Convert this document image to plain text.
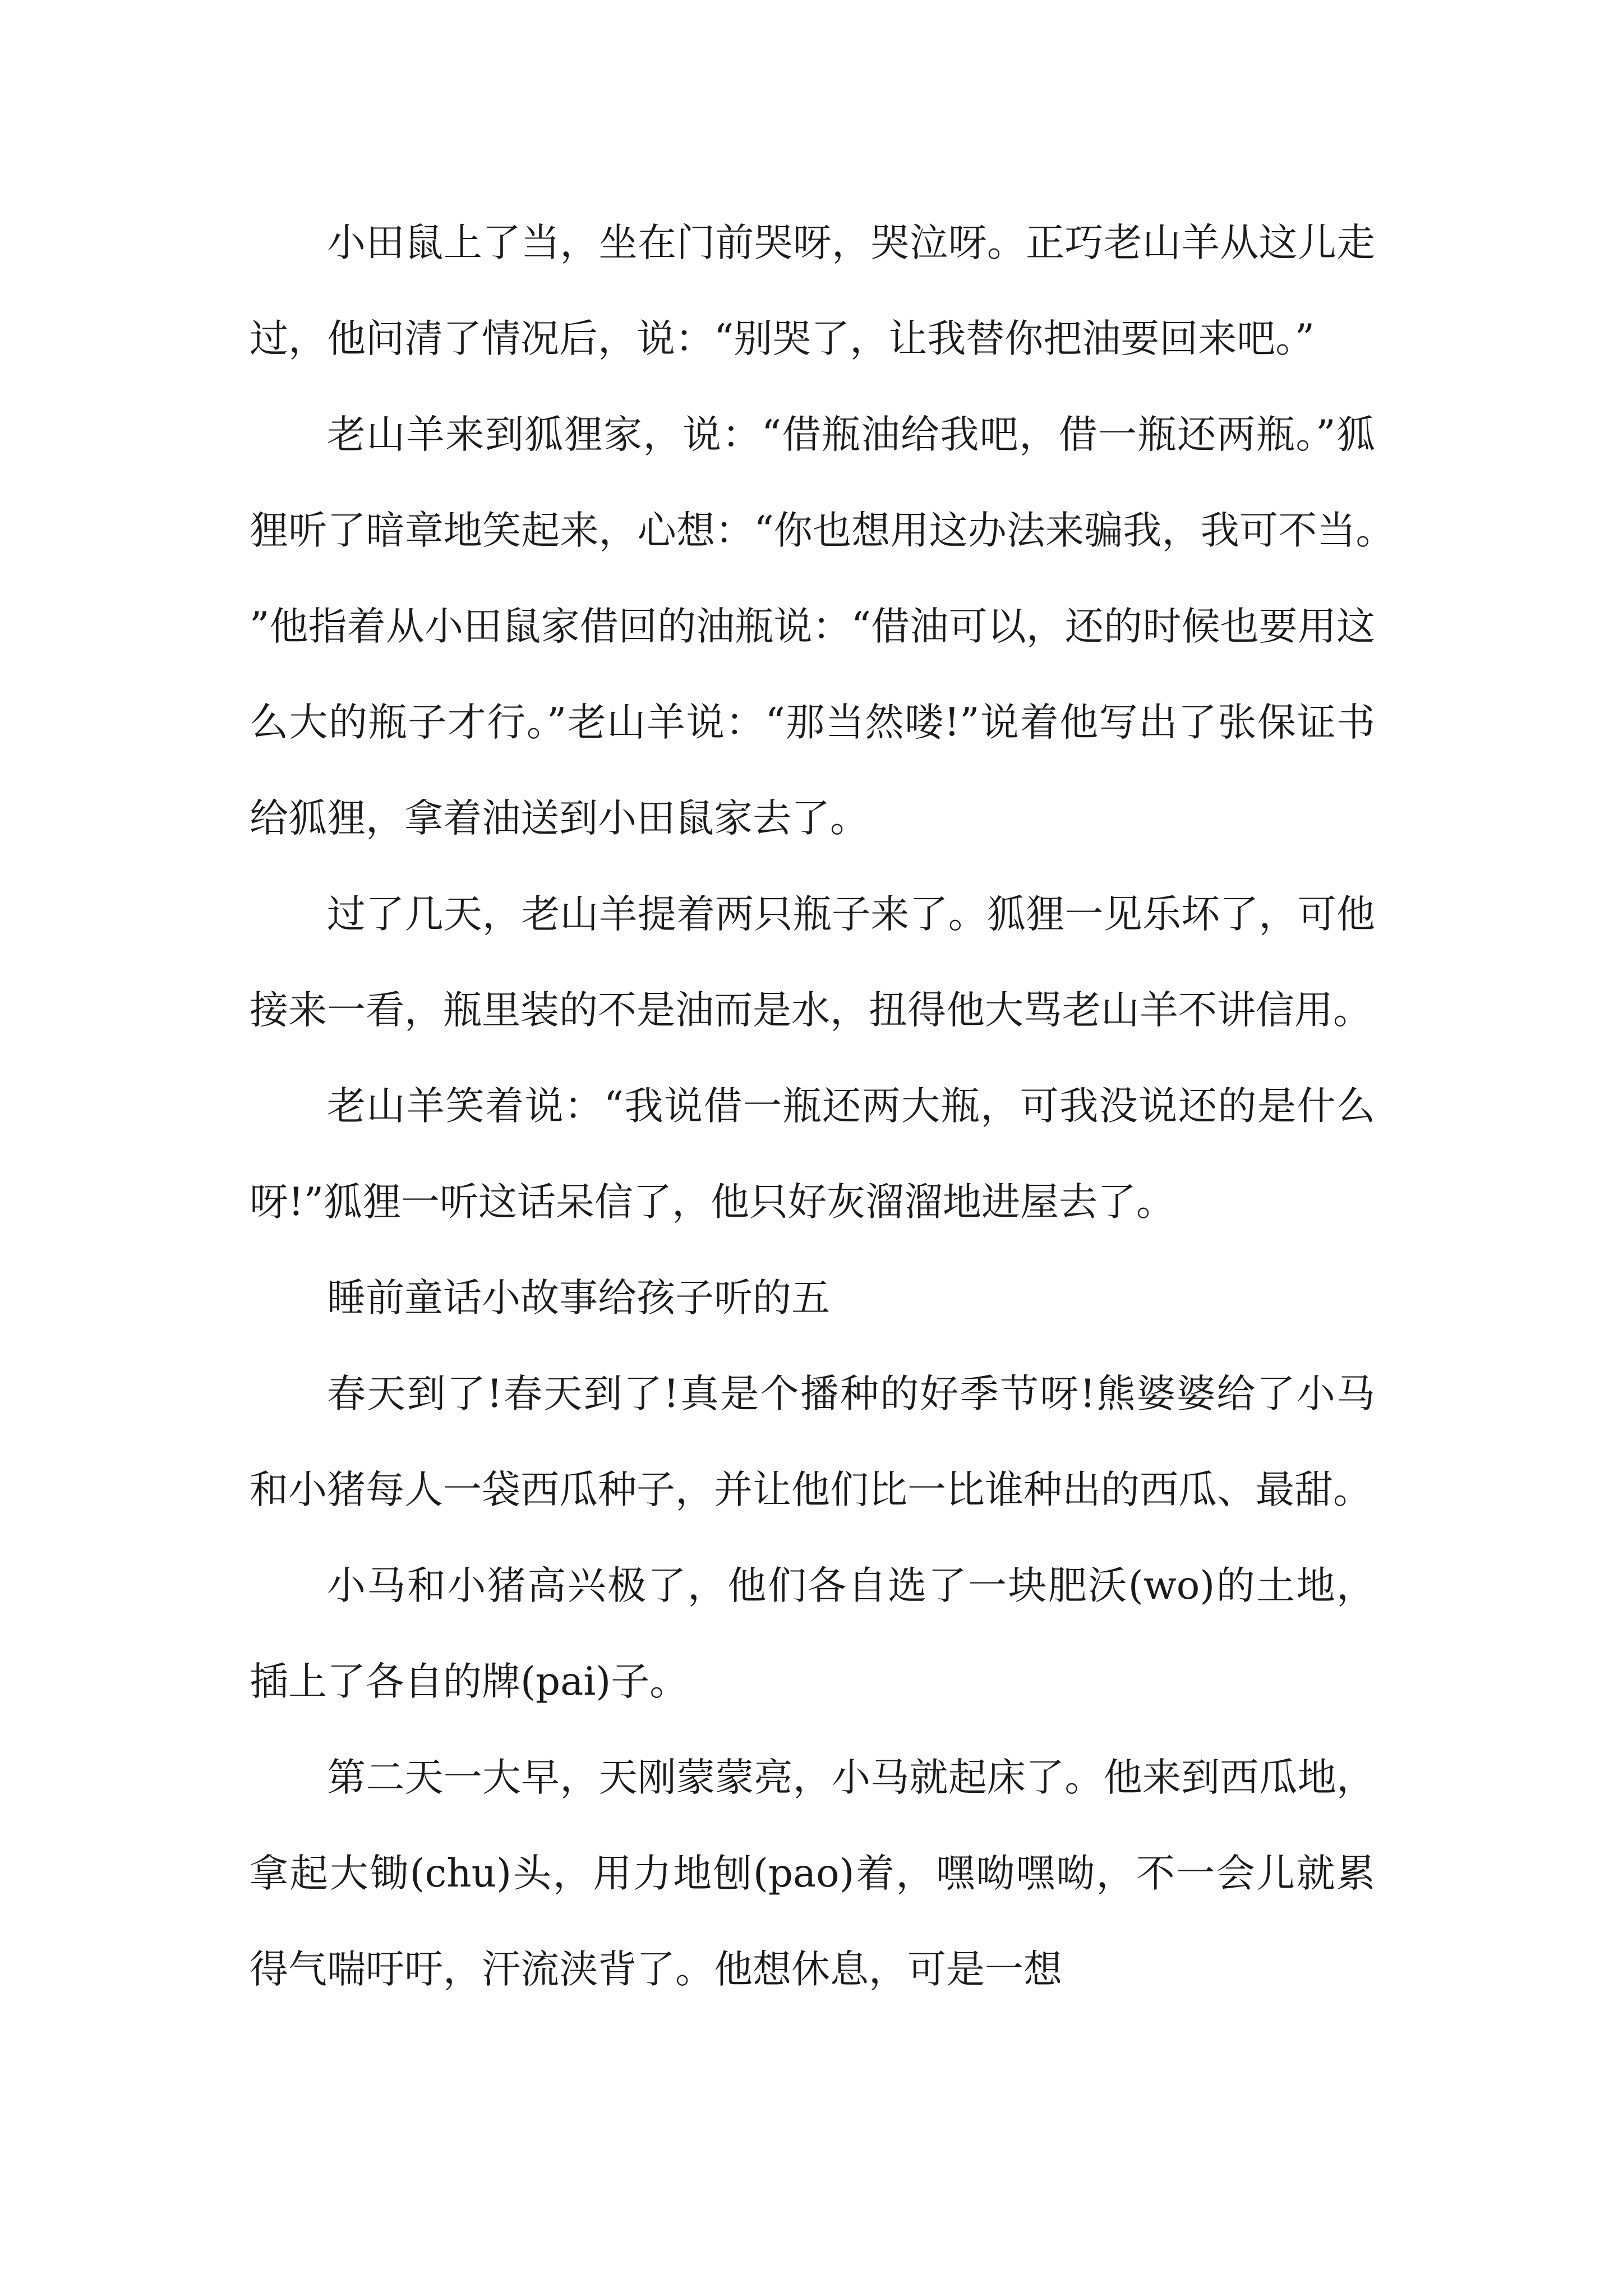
小田鼠上了当，坐在门前哭呀，哭泣呀。正巧老山羊从这儿走过，他问清了情况后，说：“别哭了，让我替你把油要回来吧。”

老山羊来到狐狸家，说：“借瓶油给我吧，借一瓶还两瓶。”狐狸听了暗章地笑起来，心想：“你也想用这办法来骗我，我可不当。”他指着从小田鼠家借回的油瓶说：“借油可以，还的时候也要用这么大的瓶子才行。”老山羊说：“那当然喽!”说着他写出了张保证书给狐狸，拿着油送到小田鼠家去了。

过了几天，老山羊提着两只瓶子来了。狐狸一见乐坏了，可他接来一看，瓶里装的不是油而是水，扭得他大骂老山羊不讲信用。

老山羊笑着说：“我说借一瓶还两大瓶，可我没说还的是什么呀!”狐狸一听这话呆信了，他只好灰溜溜地进屋去了。

睡前童话小故事给孩子听的五

春天到了!春天到了!真是个播种的好季节呀!熊婆婆给了小马和小猪每人一袋西瓜种子，并让他们比一比谁种出的西瓜、最甜。

小马和小猪高兴极了，他们各自选了一块肥沃(wo)的土地，插上了各自的牌(pai)子。

第二天一大早，天刚蒙蒙亮，小马就起床了。他来到西瓜地，拿起大锄(chu)头，用力地刨(pao)着，嘿呦嘿呦，不一会儿就累得气喘吁吁，汗流浃背了。他想休息，可是一想
